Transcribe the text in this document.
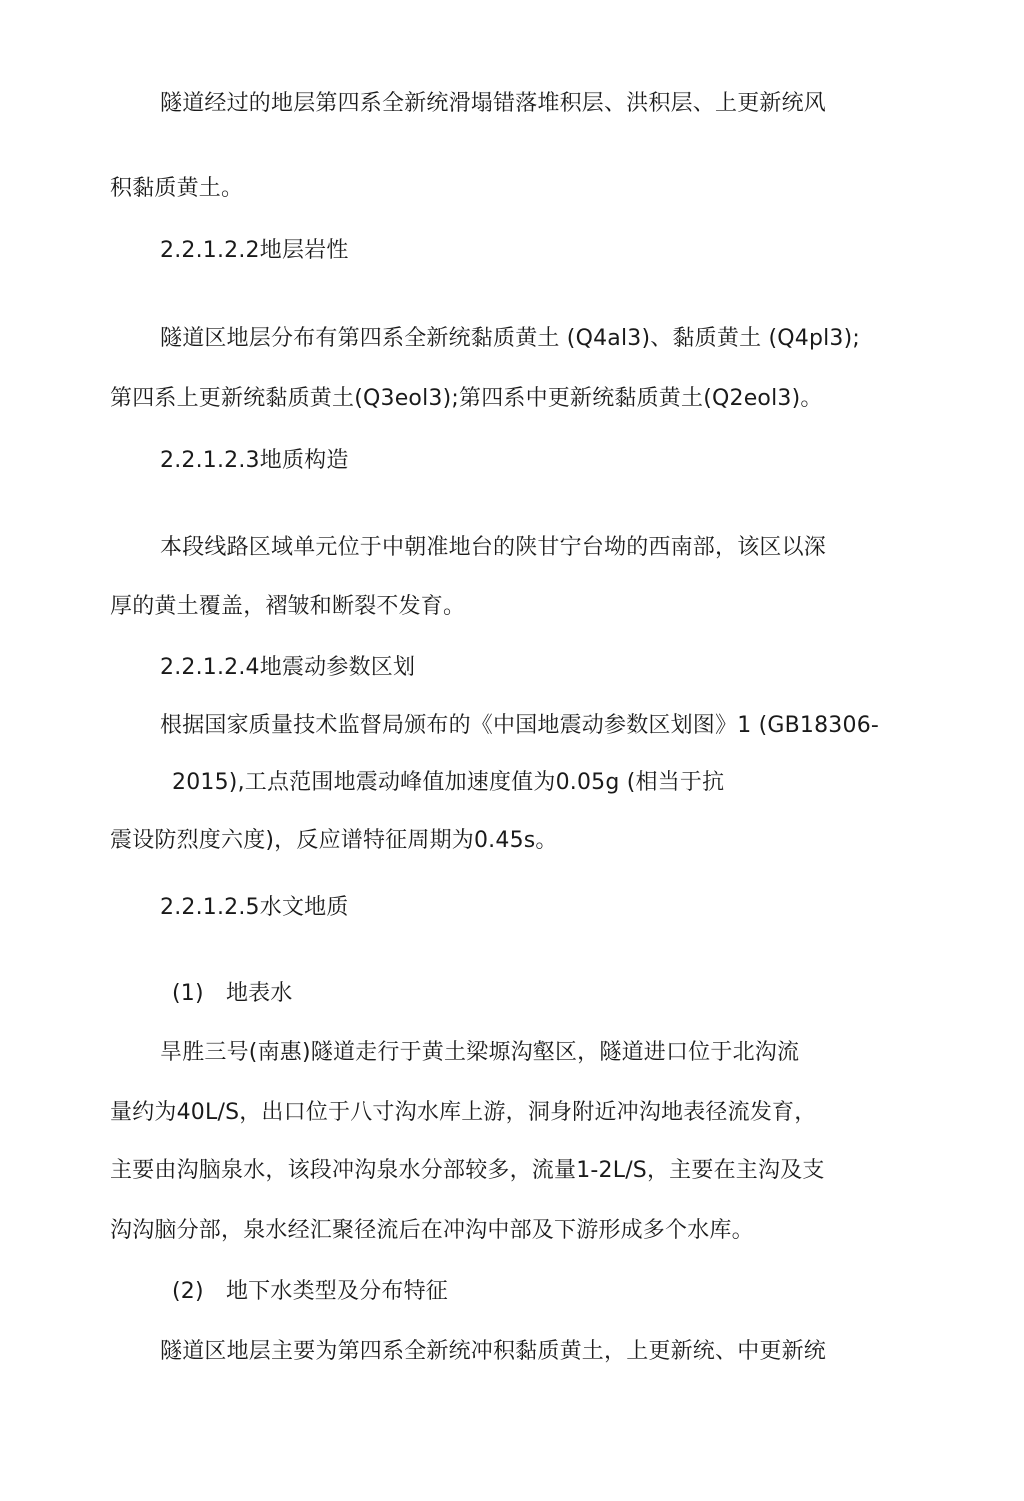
隧道经过的地层第四系全新统滑塌错落堆积层、洪积层、上更新统风
积黏质黄土。
2.2.1.2.2地层岩性
隧道区地层分布有第四系全新统黏质黄土 (Q4al3)、黏质黄土 (Q4pl3);
第四系上更新统黏质黄土(Q3eol3);第四系中更新统黏质黄土(Q2eol3)。
2.2.1.2.3地质构造
本段线路区域单元位于中朝准地台的陕甘宁台坳的西南部，该区以深
厚的黄土覆盖，褶皱和断裂不发育。
2.2.1.2.4地震动参数区划
根据国家质量技术监督局颁布的《中国地震动参数区划图》1 (GB18306-
2015),工点范围地震动峰值加速度值为0.05g (相当于抗
震设防烈度六度)，反应谱特征周期为0.45s。
2.2.1.2.5水文地质
(1)　地表水
旱胜三号(南惠)隧道走行于黄土梁塬沟壑区，隧道进口位于北沟流
量约为40L/S，出口位于八寸沟水库上游，洞身附近冲沟地表径流发育，
主要由沟脑泉水，该段冲沟泉水分部较多，流量1-2L/S，主要在主沟及支
沟沟脑分部，泉水经汇聚径流后在冲沟中部及下游形成多个水库。
(2)　地下水类型及分布特征
隧道区地层主要为第四系全新统冲积黏质黄土，上更新统、中更新统
